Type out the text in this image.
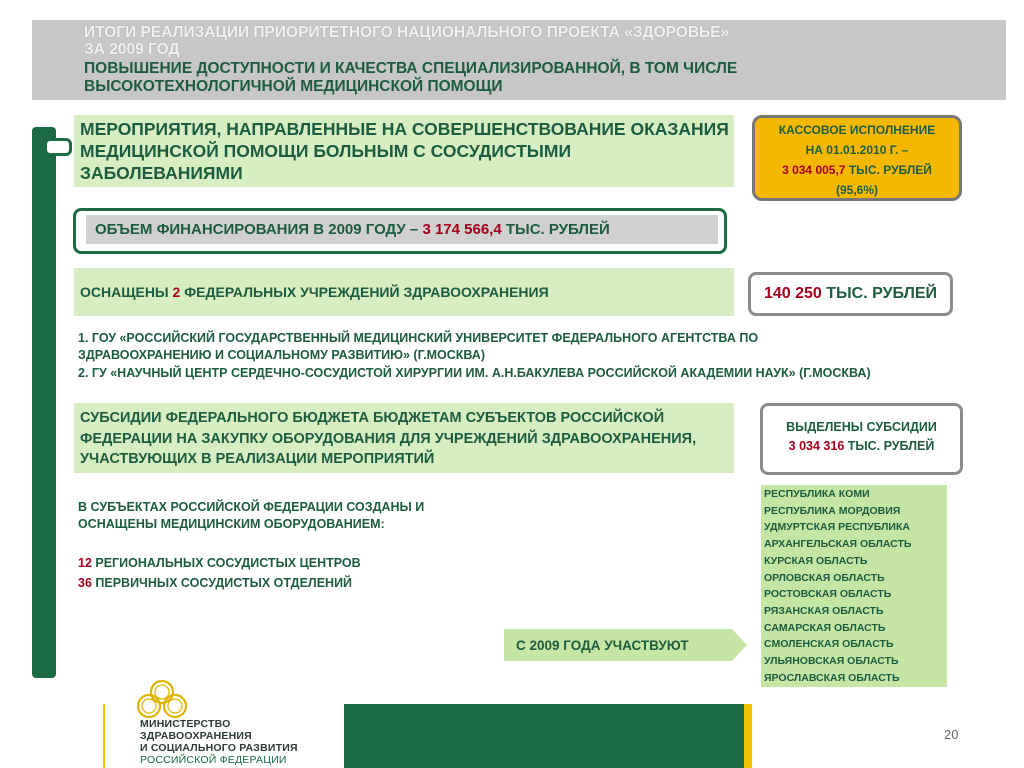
ИТОГИ РЕАЛИЗАЦИИ ПРИОРИТЕТНОГО НАЦИОНАЛЬНОГО ПРОЕКТА «ЗДОРОВЬЕ»
ЗА 2009 ГОД
ПОВЫШЕНИЕ ДОСТУПНОСТИ И КАЧЕСТВА СПЕЦИАЛИЗИРОВАННОЙ, В ТОМ ЧИСЛЕ
ВЫСОКОТЕХНОЛОГИЧНОЙ МЕДИЦИНСКОЙ ПОМОЩИ
МЕРОПРИЯТИЯ, НАПРАВЛЕННЫЕ НА СОВЕРШЕНСТВОВАНИЕ ОКАЗАНИЯ МЕДИЦИНСКОЙ ПОМОЩИ БОЛЬНЫМ С СОСУДИСТЫМИ ЗАБОЛЕВАНИЯМИ
КАССОВОЕ ИСПОЛНЕНИЕ
НА 01.01.2010 Г. –
3 034 005,7 ТЫС. РУБЛЕЙ
(95,6%)
ОБЪЕМ ФИНАНСИРОВАНИЯ В 2009 ГОДУ – 3 174 566,4 ТЫС. РУБЛЕЙ
ОСНАЩЕНЫ 2 ФЕДЕРАЛЬНЫХ УЧРЕЖДЕНИЙ ЗДРАВООХРАНЕНИЯ	140 250 ТЫС. РУБЛЕЙ
1. ГОУ «РОССИЙСКИЙ ГОСУДАРСТВЕННЫЙ МЕДИЦИНСКИЙ УНИВЕРСИТЕТ ФЕДЕРАЛЬНОГО АГЕНТСТВА ПО
ЗДРАВООХРАНЕНИЮ И СОЦИАЛЬНОМУ РАЗВИТИЮ» (Г.МОСКВА)
2. ГУ «НАУЧНЫЙ ЦЕНТР СЕРДЕЧНО-СОСУДИСТОЙ ХИРУРГИИ ИМ. А.Н.БАКУЛЕВА РОССИЙСКОЙ АКАДЕМИИ НАУК» (Г.МОСКВА)
СУБСИДИИ ФЕДЕРАЛЬНОГО БЮДЖЕТА БЮДЖЕТАМ СУБЪЕКТОВ РОССИЙСКОЙ ФЕДЕРАЦИИ НА ЗАКУПКУ ОБОРУДОВАНИЯ ДЛЯ УЧРЕЖДЕНИЙ ЗДРАВООХРАНЕНИЯ, УЧАСТВУЮЩИХ В РЕАЛИЗАЦИИ МЕРОПРИЯТИЙ
ВЫДЕЛЕНЫ СУБСИДИИ
3 034 316 ТЫС. РУБЛЕЙ
В СУБЪЕКТАХ РОССИЙСКОЙ ФЕДЕРАЦИИ СОЗДАНЫ И
ОСНАЩЕНЫ МЕДИЦИНСКИМ ОБОРУДОВАНИЕМ:
12 РЕГИОНАЛЬНЫХ СОСУДИСТЫХ ЦЕНТРОВ
36 ПЕРВИЧНЫХ СОСУДИСТЫХ ОТДЕЛЕНИЙ
С 2009 ГОДА УЧАСТВУЮТ
РЕСПУБЛИКА КОМИ
РЕСПУБЛИКА МОРДОВИЯ
УДМУРТСКАЯ РЕСПУБЛИКА
АРХАНГЕЛЬСКАЯ ОБЛАСТЬ
КУРСКАЯ ОБЛАСТЬ
ОРЛОВСКАЯ ОБЛАСТЬ
РОСТОВСКАЯ ОБЛАСТЬ
РЯЗАНСКАЯ ОБЛАСТЬ
САМАРСКАЯ ОБЛАСТЬ
СМОЛЕНСКАЯ ОБЛАСТЬ
УЛЬЯНОВСКАЯ ОБЛАСТЬ
ЯРОСЛАВСКАЯ ОБЛАСТЬ
МИНИСТЕРСТВО
ЗДРАВООХРАНЕНИЯ
И СОЦИАЛЬНОГО РАЗВИТИЯ
РОССИЙСКОЙ ФЕДЕРАЦИИ
20
